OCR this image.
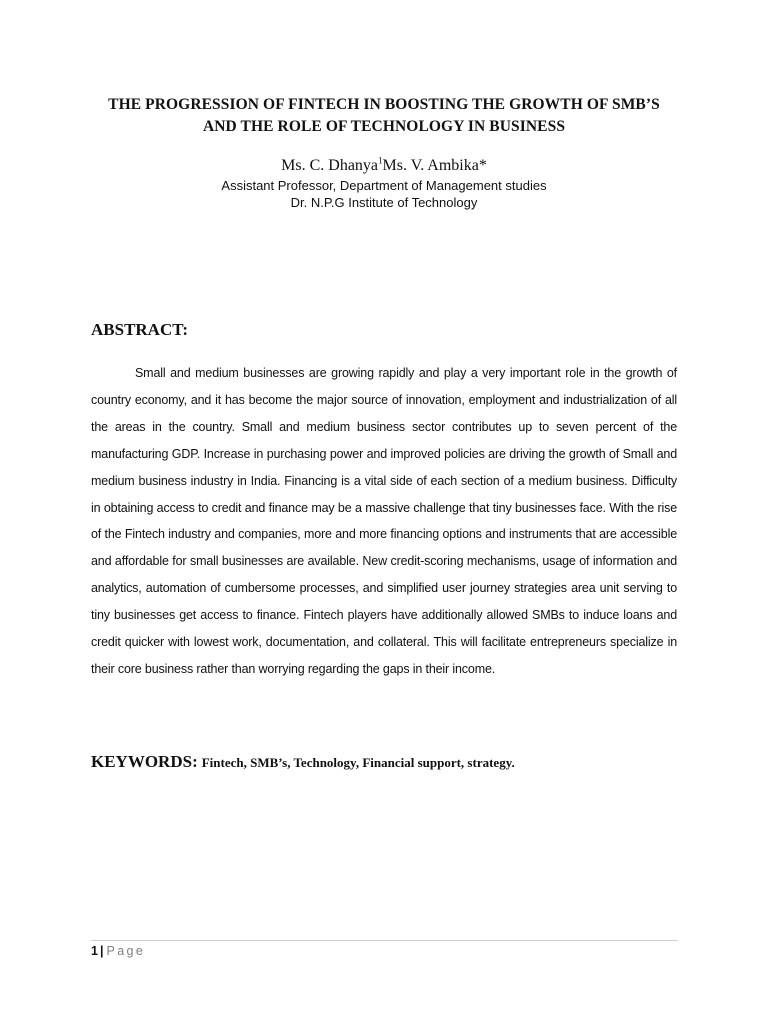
THE PROGRESSION OF FINTECH IN BOOSTING THE GROWTH OF SMB’S AND THE ROLE OF TECHNOLOGY IN BUSINESS
Ms. C. Dhanya$^1$Ms. V. Ambika*
Assistant Professor, Department of Management studies
Dr. N.P.G Institute of Technology
ABSTRACT:
Small and medium businesses are growing rapidly and play a very important role in the growth of country economy, and it has become the major source of innovation, employment and industrialization of all the areas in the country. Small and medium business sector contributes up to seven percent of the manufacturing GDP. Increase in purchasing power and improved policies are driving the growth of Small and medium business industry in India. Financing is a vital side of each section of a medium business. Difficulty in obtaining access to credit and finance may be a massive challenge that tiny businesses face. With the rise of the Fintech industry and companies, more and more financing options and instruments that are accessible and affordable for small businesses are available. New credit-scoring mechanisms, usage of information and analytics, automation of cumbersome processes, and simplified user journey strategies area unit serving to tiny businesses get access to finance. Fintech players have additionally allowed SMBs to induce loans and credit quicker with lowest work, documentation, and collateral. This will facilitate entrepreneurs specialize in their core business rather than worrying regarding the gaps in their income.
KEYWORDS: Fintech, SMB’s, Technology, Financial support, strategy.
1 | Page
